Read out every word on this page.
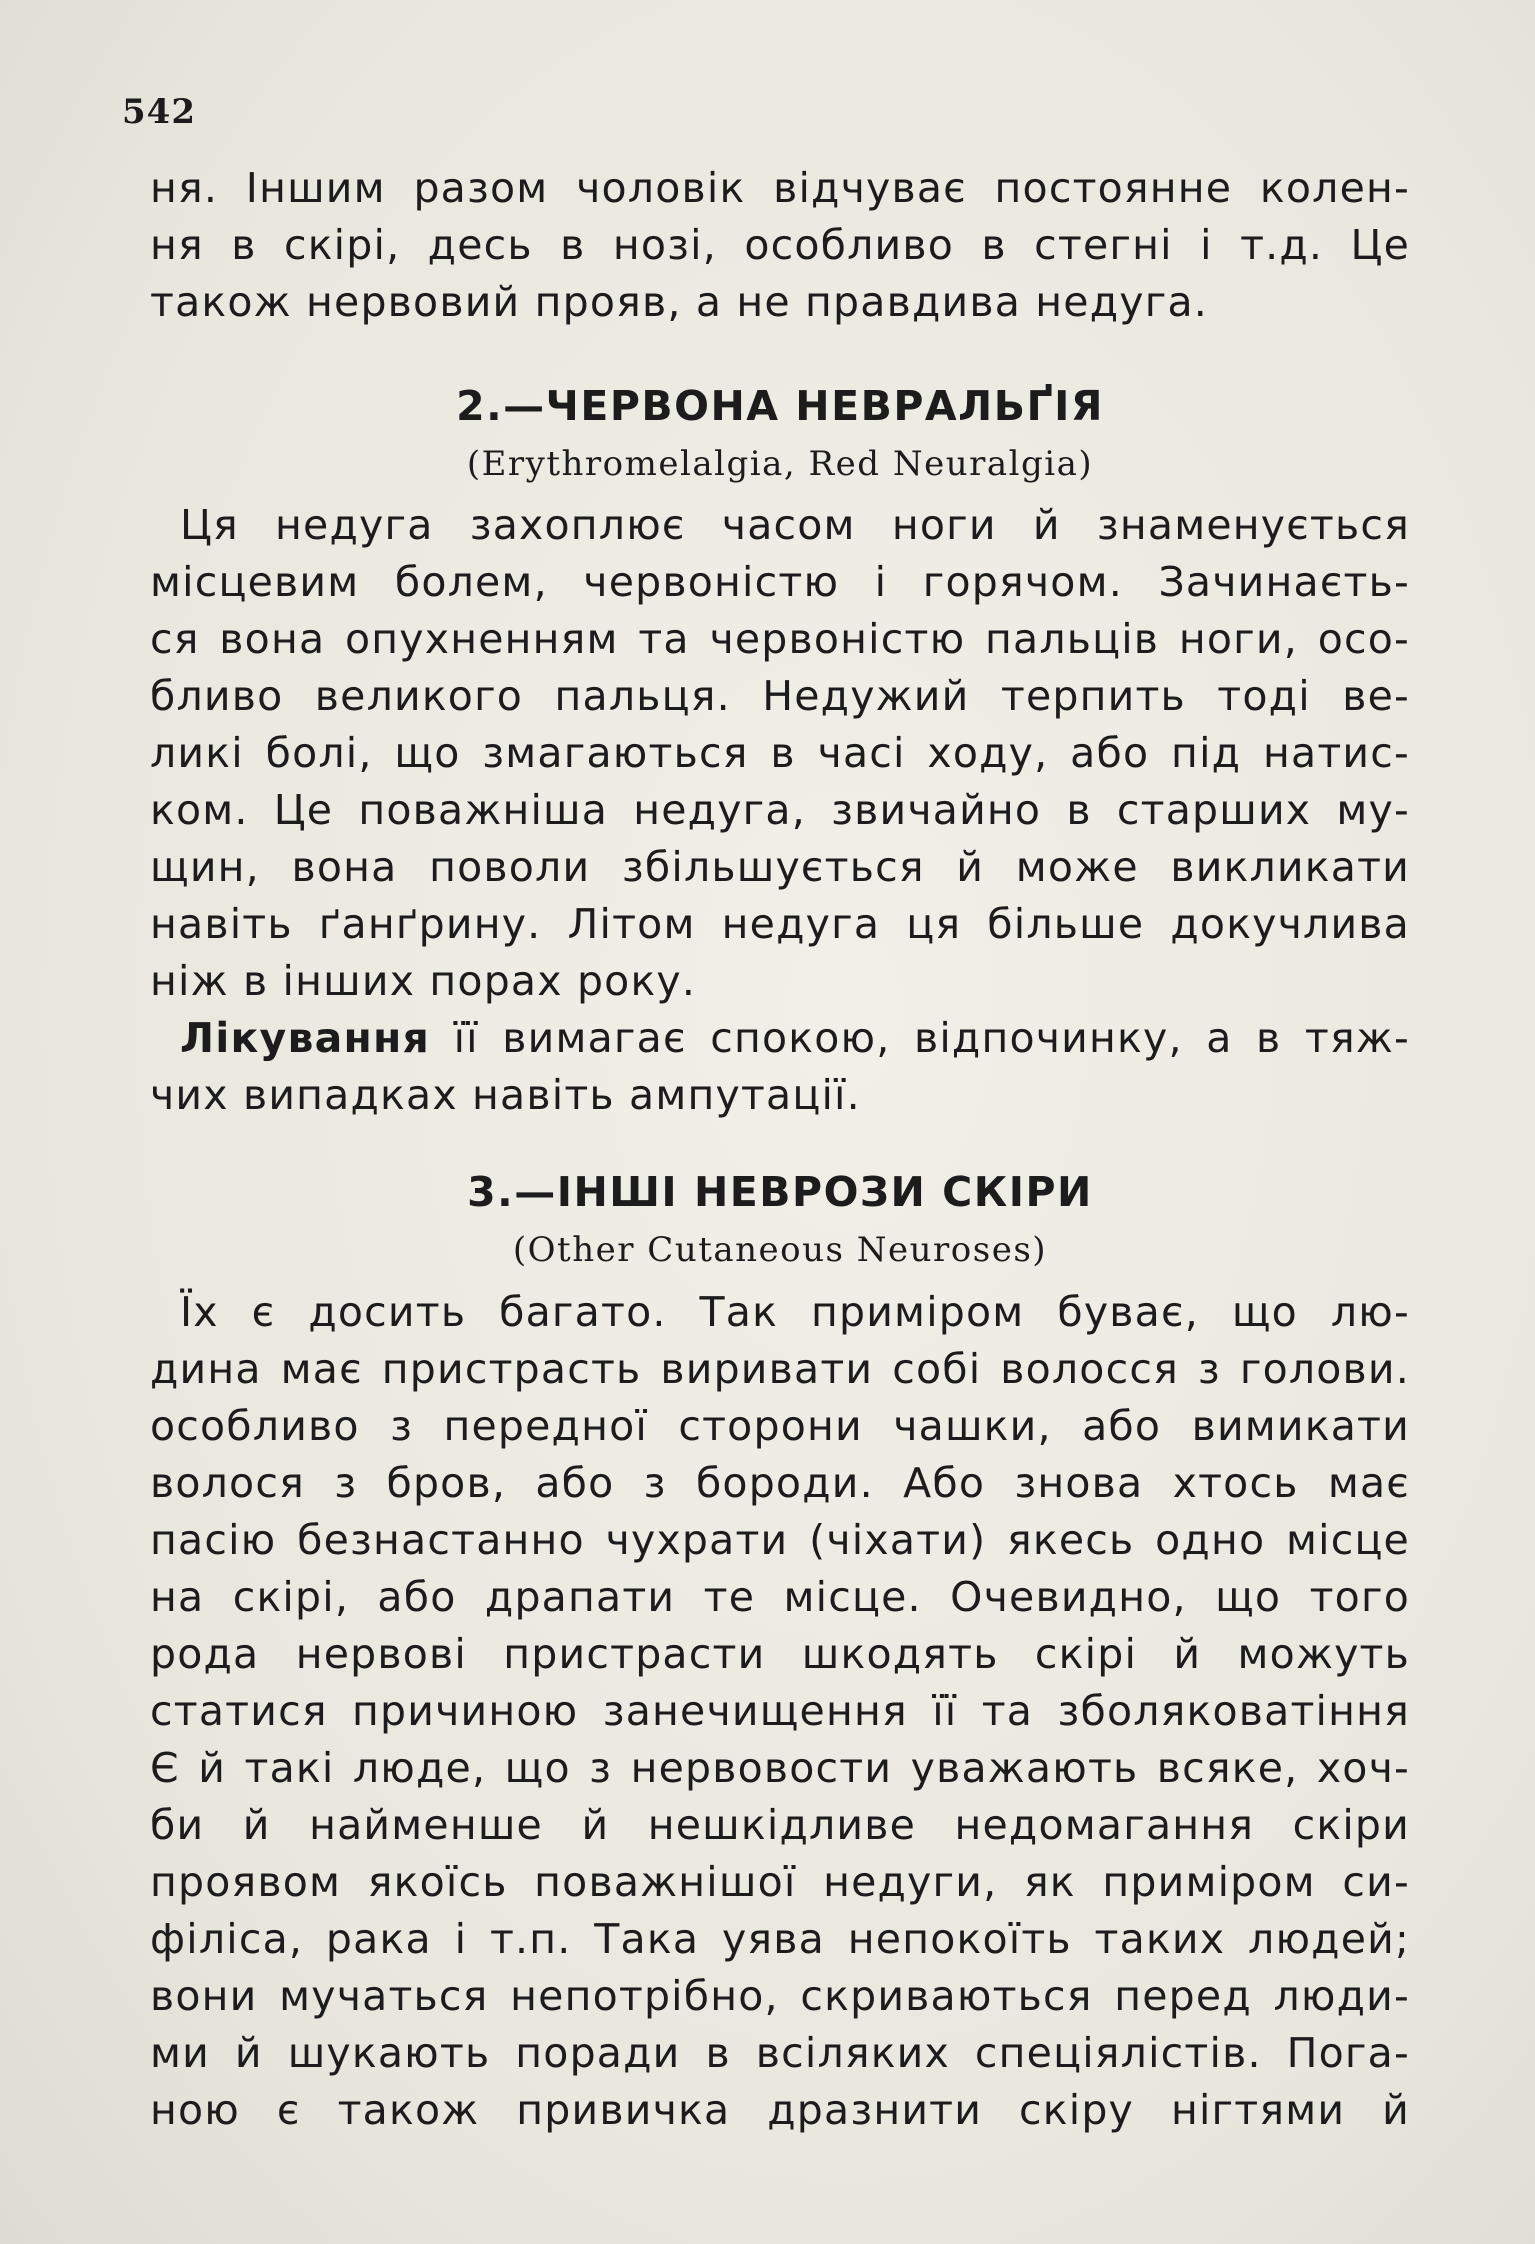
542
ня. Іншим разом чоловік відчуває постоянне колен-
ня в скірі, десь в нозі, особливо в стегні і т.д. Це
також нервовий прояв, а не правдива недуга.
2.—ЧЕРВОНА НЕВРАЛЬҐІЯ
(Erythromelalgia, Red Neuralgia)
Ця недуга захоплює часом ноги й знаменується
місцевим болем, червоністю і горячом. Зачинаєть-
ся вона опухненням та червоністю пальців ноги, осо-
бливо великого пальця. Недужий терпить тоді ве-
ликі болі, що змагаються в часі ходу, або під натис-
ком. Це поважніша недуга, звичайно в старших му-
щин, вона поволи збільшується й може викликати
навіть ґанґрину. Літом недуга ця більше докучлива
ніж в інших порах року.
Лікування її вимагає спокою, відпочинку, а в тяж-
чих випадках навіть ампутації.
3.—ІНШІ НЕВРОЗИ СКІРИ
(Other Cutaneous Neuroses)
Їх є досить багато. Так приміром буває, що лю-
дина має пристрасть виривати собі волосся з голови.
особливо з передної сторони чашки, або вимикати
волося з бров, або з бороди. Або знова хтось має
пасію безнастанно чухрати (чіхати) якесь одно місце
на скірі, або драпати те місце. Очевидно, що того
рода нервові пристрасти шкодять скірі й можуть
статися причиною занечищення її та зболяковатіння
Є й такі люде, що з нервовости уважають всяке, хоч-
би й найменше й нешкідливе недомагання скіри
проявом якоїсь поважнішої недуги, як приміром си-
філіса, рака і т.п. Така уява непокоїть таких людей;
вони мучаться непотрібно, скриваються перед люди-
ми й шукають поради в всіляких спеціялістів. Пога-
ною є також привичка дразнити скіру нігтями й
